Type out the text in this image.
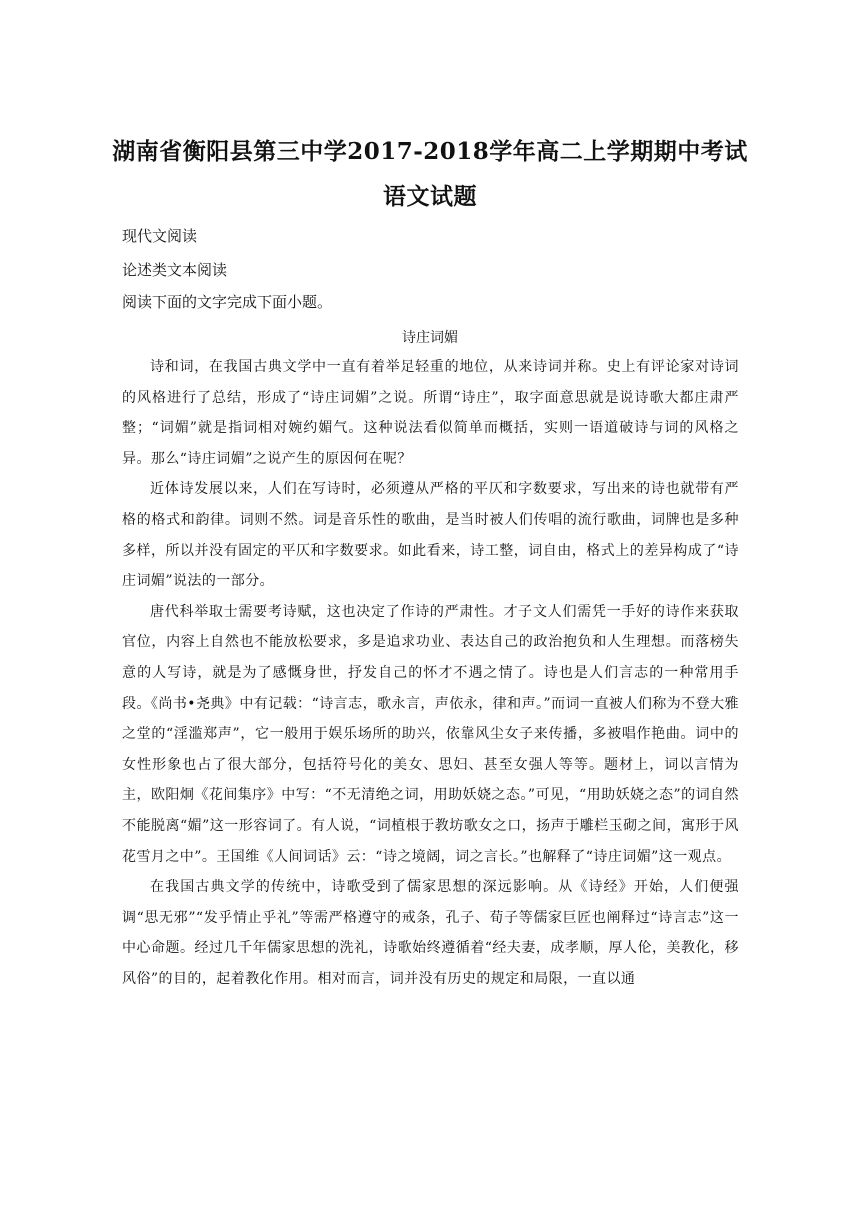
湖南省衡阳县第三中学2017-2018学年高二上学期期中考试
语文试题
现代文阅读
论述类文本阅读
阅读下面的文字完成下面小题。
诗庄词媚

诗和词，在我国古典文学中一直有着举足轻重的地位，从来诗词并称。史上有评论家对诗词的风格进行了总结，形成了“诗庄词媚”之说。所谓“诗庄”，取字面意思就是说诗歌大都庄肃严整；“词媚”就是指词相对婉约媚气。这种说法看似简单而概括，实则一语道破诗与词的风格之异。那么“诗庄词媚”之说产生的原因何在呢？

近体诗发展以来，人们在写诗时，必须遵从严格的平仄和字数要求，写出来的诗也就带有严格的格式和韵律。词则不然。词是音乐性的歌曲，是当时被人们传唱的流行歌曲，词牌也是多种多样，所以并没有固定的平仄和字数要求。如此看来，诗工整，词自由，格式上的差异构成了“诗庄词媚”说法的一部分。

唐代科举取士需要考诗赋，这也决定了作诗的严肃性。才子文人们需凭一手好的诗作来获取官位，内容上自然也不能放松要求，多是追求功业、表达自己的政治抱负和人生理想。而落榜失意的人写诗，就是为了感慨身世，抒发自己的怀才不遇之情了。诗也是人们言志的一种常用手段。《尚书•尧典》中有记载：“诗言志，歌永言，声依永，律和声。”而词一直被人们称为不登大雅之堂的“淫滥郑声”，它一般用于娱乐场所的助兴，依靠风尘女子来传播，多被唱作艳曲。词中的女性形象也占了很大部分，包括符号化的美女、思妇、甚至女强人等等。题材上，词以言情为主，欧阳炯《花间集序》中写：“不无清绝之词，用助妖娆之态。”可见，“用助妖娆之态”的词自然不能脱离“媚”这一形容词了。有人说，“词植根于教坊歌女之口，扬声于雕栏玉砌之间，寓形于风花雪月之中”。王国维《人间词话》云：“诗之境阔，词之言长。”也解释了“诗庄词媚”这一观点。

在我国古典文学的传统中，诗歌受到了儒家思想的深远影响。从《诗经》开始，人们便强调“思无邪”“发乎情止乎礼”等需严格遵守的戒条，孔子、荀子等儒家巨匠也阐释过“诗言志”这一中心命题。经过几千年儒家思想的洗礼，诗歌始终遵循着“经夫妻，成孝顺，厚人伦，美教化，移风俗”的目的，起着教化作用。相对而言，词并没有历史的规定和局限，一直以通
